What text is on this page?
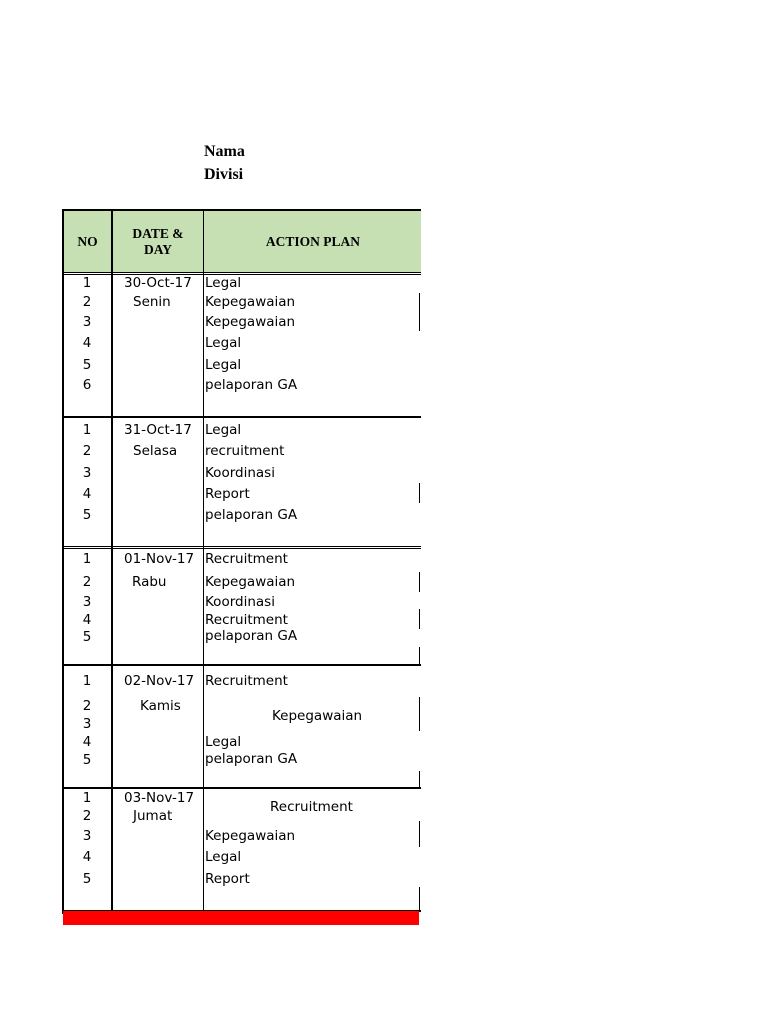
Nama
Divisi
NO
DATE &
DAY
ACTION PLAN
1
2
3
4
5
6
30-Oct-17
Senin
Legal
Kepegawaian
Kepegawaian
Legal
Legal
pelaporan GA
1
2
3
4
5
31-Oct-17
Selasa
Legal
recruitment
Koordinasi
Report
pelaporan GA
1
2
3
4
5
01-Nov-17
Rabu
Recruitment
Kepegawaian
Koordinasi
Recruitment
pelaporan GA
1
2
3
4
5
02-Nov-17
Kamis
Recruitment
Kepegawaian
Legal
pelaporan GA
1
2
3
4
5
03-Nov-17
Jumat
Recruitment
Kepegawaian
Legal
Report
